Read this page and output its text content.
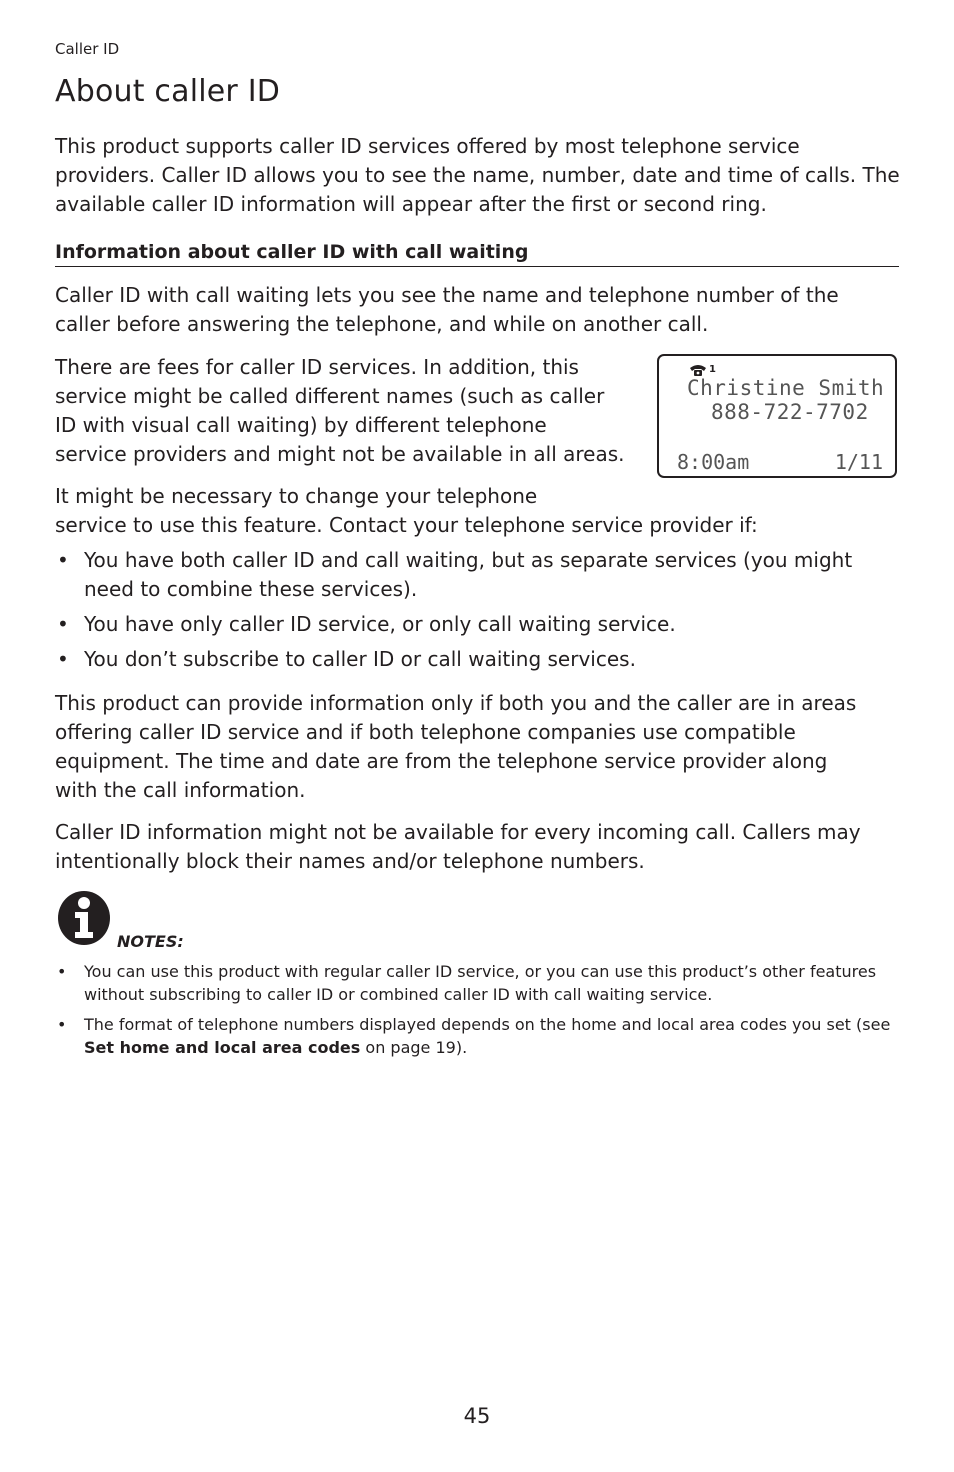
Caller ID
About caller ID

This product supports caller ID services offered by most telephone service providers. Caller ID allows you to see the name, number, date and time of calls. The available caller ID information will appear after the first or second ring.

Information about caller ID with call waiting

Caller ID with call waiting lets you see the name and telephone number of the caller before answering the telephone, and while on another call.

There are fees for caller ID services. In addition, this
service might be called different names (such as caller
ID with visual call waiting) by different telephone
service providers and might not be available in all areas.

1
Christine Smith
888-722-7702
8:00am	1/11

It might be necessary to change your telephone
service to use this feature. Contact your telephone service provider if:

• You have both caller ID and call waiting, but as separate services (you might need to combine these services).
• You have only caller ID service, or only call waiting service.
• You don’t subscribe to caller ID or call waiting services.

This product can provide information only if both you and the caller are in areas offering caller ID service and if both telephone companies use compatible equipment. The time and date are from the telephone service provider along with the call information.

Caller ID information might not be available for every incoming call. Callers may intentionally block their names and/or telephone numbers.

NOTES:
• You can use this product with regular caller ID service, or you can use this product’s other features without subscribing to caller ID or combined caller ID with call waiting service.
• The format of telephone numbers displayed depends on the home and local area codes you set (see Set home and local area codes on page 19).
45
